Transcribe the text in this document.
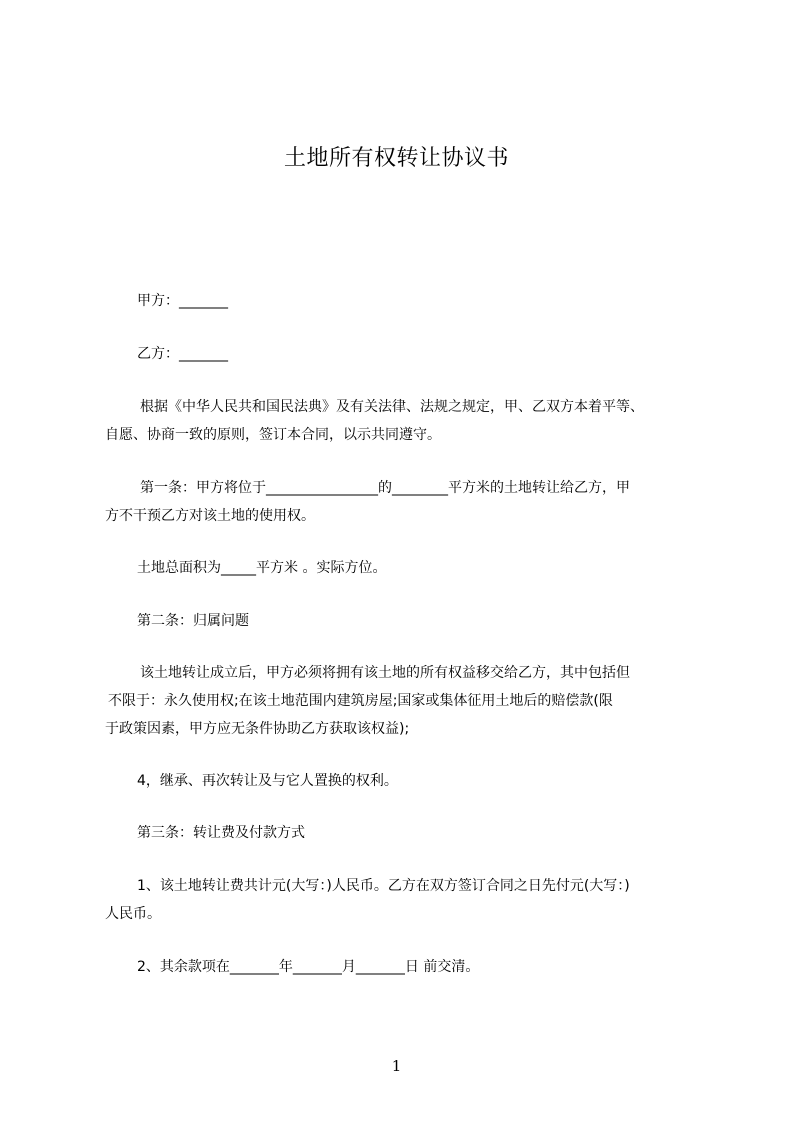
土地所有权转让协议书
甲方：_______
乙方：_______
根据《中华人民共和国民法典》及有关法律、法规之规定，甲、乙双方本着平等、
自愿、协商一致的原则，签订本合同，以示共同遵守。
第一条：甲方将位于________________的________平方米的土地转让给乙方，甲
方不干预乙方对该土地的使用权。
土地总面积为_____平方米 。实际方位。
第二条：归属问题
该土地转让成立后，甲方必须将拥有该土地的所有权益移交给乙方，其中包括但
不限于：永久使用权;在该土地范围内建筑房屋;国家或集体征用土地后的赔偿款(限
于政策因素，甲方应无条件协助乙方获取该权益);
4，继承、再次转让及与它人置换的权利。
第三条：转让费及付款方式
1、该土地转让费共计元(大写：)人民币。乙方在双方签订合同之日先付元(大写：)
人民币。
2、其余款项在_______年_______月_______日 前交清。
1
